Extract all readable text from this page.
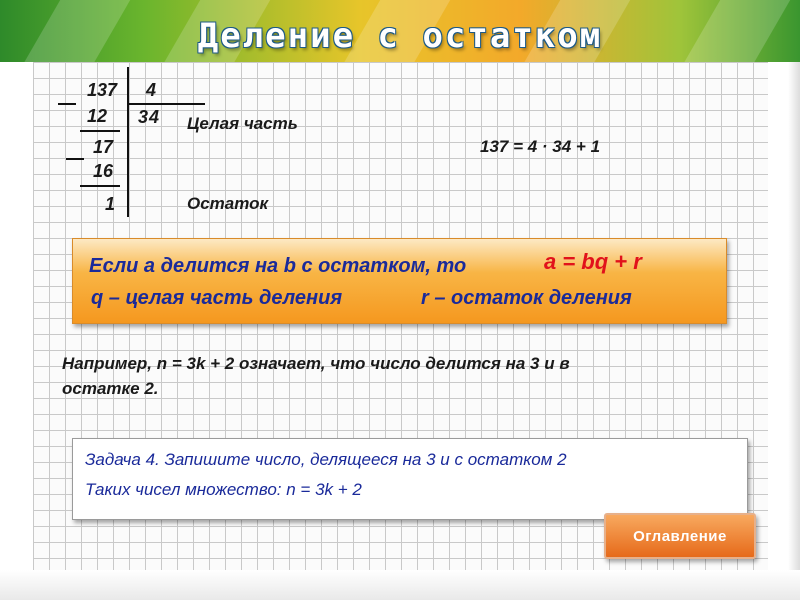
Деление с остатком
137 4
12 34 Целая часть
17
16
1	Остаток
137 = 4 · 34 + 1
Если a делится на b с остатком, то	a = bq + r
q – целая часть деления	r – остаток деления
Например, n = 3k + 2 означает, что число делится на 3 и в
остатке 2.
Задача 4. Запишите число, делящееся на 3 и с остатком 2
Таких чисел множество: n = 3k + 2
Оглавление
